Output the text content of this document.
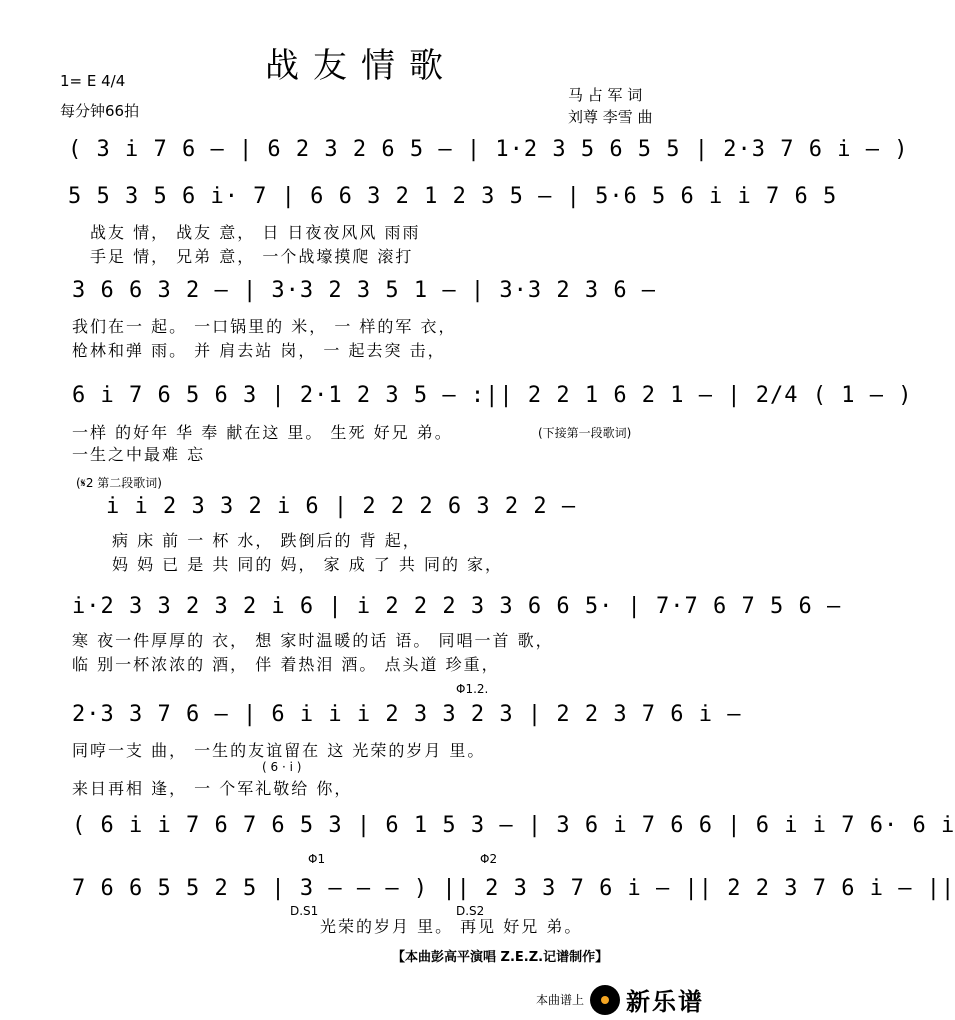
战友情歌
1= E 4/4
每分钟66拍
马 占 军 词
刘尊 李雪 曲
( 3 i̇ 7 6 – | 6 2 3 2 6 5 – | 1·2 3 5 6 5 5 | 2·3 7 6 i̇ – )
5 5 3 5 6 i̇· 7 | 6 6 3 2 1 2 3 5 – | 5·6 5 6 i̇ i̇ 7 6 5
战友 情， 战友 意， 日 日夜夜风风 雨雨
手足 情， 兄弟 意， 一个战壕摸爬 滚打
3 6 6 3 2 – | 3·3 2 3 5 1 – | 3·3 2 3 6 –
我们在一 起。 一口锅里的 米， 一 样的军 衣，
枪林和弹 雨。 并 肩去站 岗， 一 起去突 击，
6 i̇ 7 6 5 6 3 | 2·1 2 3 5 – :|| 2 2 1 6 2 1 – | 2/4 ( 1 – )
一样 的好年 华 奉 献在这 里。 生死 好兄 弟。	(下接第一段歌词)
一生之中最难 忘
(𝄋2 第二段歌词)
i̇ i̇ 2 3 3 2 i̇ 6 | 2 2 2 6 3 2 2 –
病 床 前 一 杯 水， 跌倒后的 背 起，
妈 妈 已 是 共 同的 妈， 家 成 了 共 同的 家，
i̇·2 3 3 2 3 2 i̇ 6 | i̇ 2 2 2 3 3 6 6 5· | 7·7 6 7 5 6 –
寒 夜一件厚厚的 衣， 想 家时温暖的话 语。 同唱一首 歌，
临 别一杯浓浓的 酒， 伴 着热泪 酒。 点头道 珍重，
Φ1.2.
2·3 3 7 6 – | 6 i̇ i̇ i̇ 2 3 3 2 3 | 2 2 3 7 6 i̇ –
同哼一支 曲， 一生的友谊留在 这 光荣的岁月 里。
( 6 · i̇ )
来日再相 逢， 一 个军礼敬给 你，
( 6 i̇ i̇ 7 6 7 6 5 3 | 6 1 5 3 – | 3 6 i̇ 7 6 6 | 6 i̇ i̇ 7 6· 6 i̇
Φ1	Φ2
7 6 6 5 5 2 5 | 3 – – – ) || 2 3 3 7 6 i̇ – || 2 2 3 7 6 i̇ – ||
D.S1	D.S2
光荣的岁月 里。 再见 好兄 弟。
【本曲彭高平演唱 Z.E.Z.记谱制作】
本曲谱上 新乐谱
